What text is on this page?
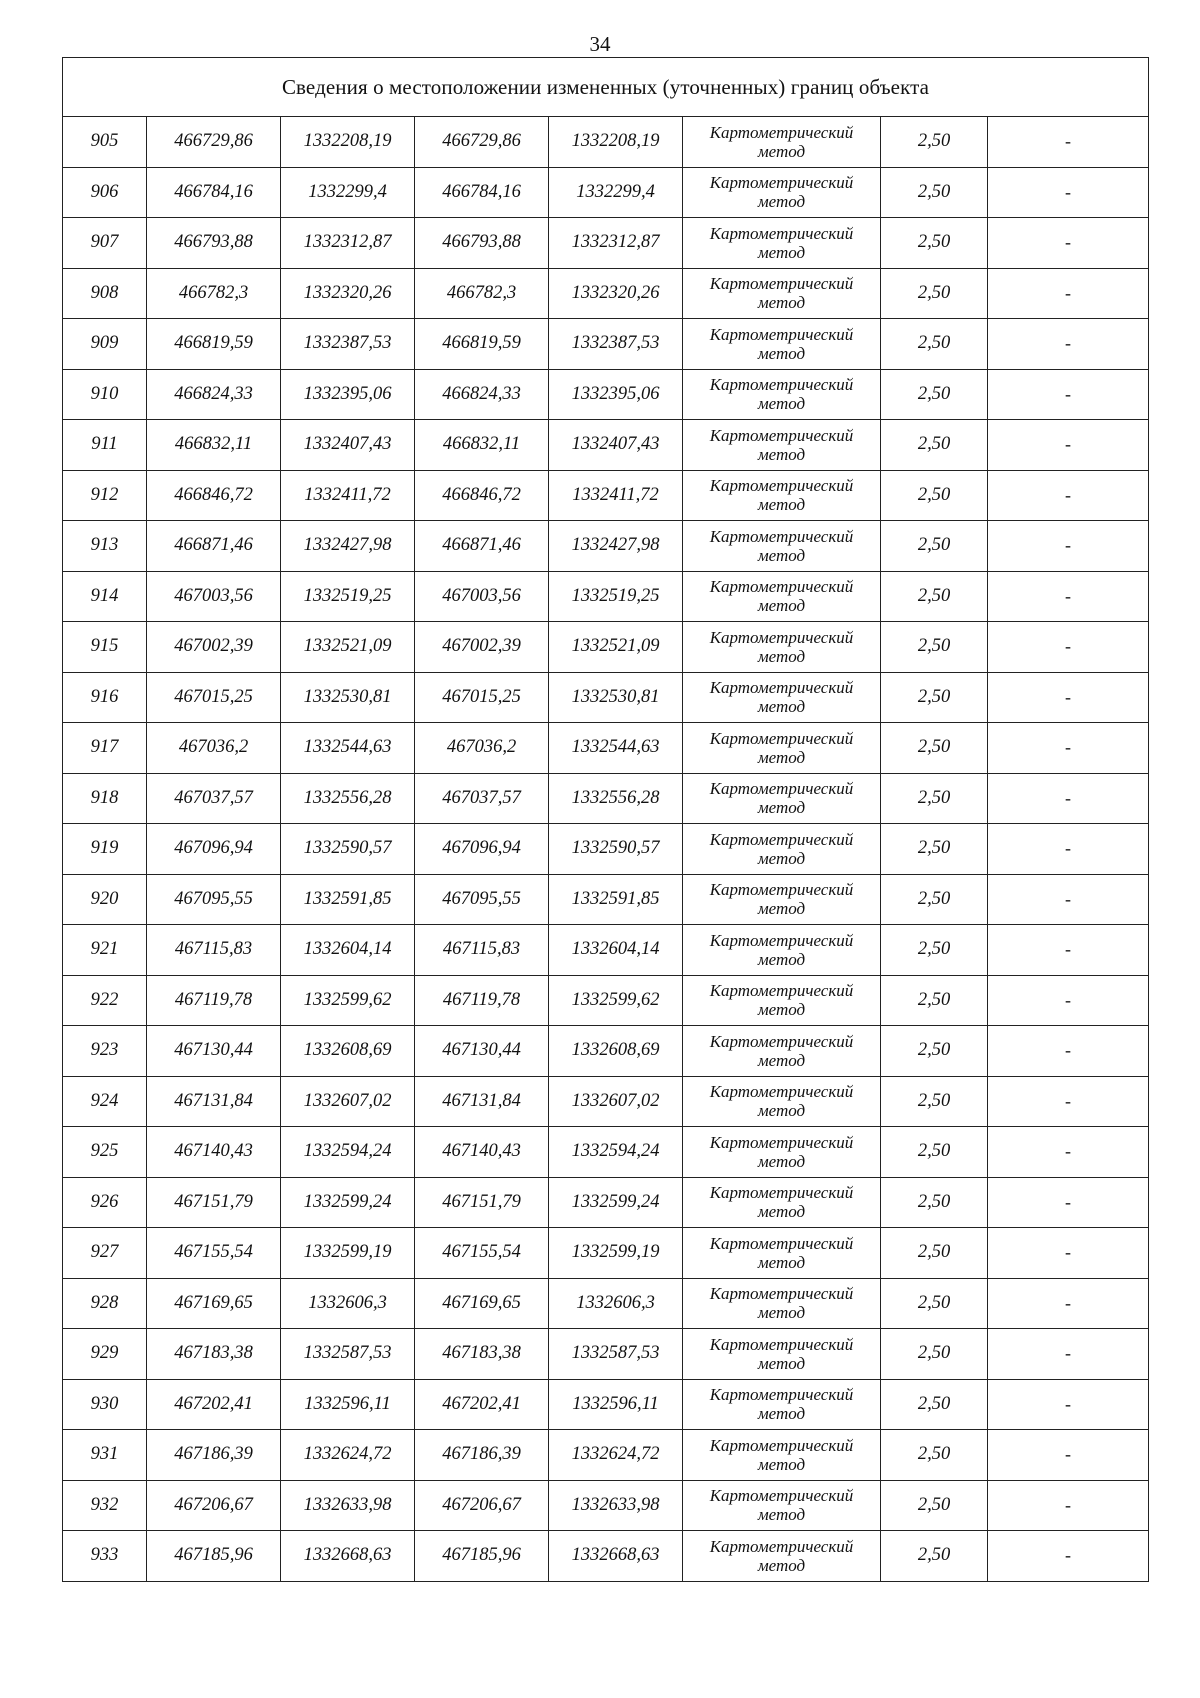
34
Сведения о местоположении измененных (уточненных) границ объекта							
905	466729,86	1332208,19	466729,86	1332208,19	Картометрический
метод	2,50	-
906	466784,16	1332299,4	466784,16	1332299,4	Картометрический
метод	2,50	-
907	466793,88	1332312,87	466793,88	1332312,87	Картометрический
метод	2,50	-
908	466782,3	1332320,26	466782,3	1332320,26	Картометрический
метод	2,50	-
909	466819,59	1332387,53	466819,59	1332387,53	Картометрический
метод	2,50	-
910	466824,33	1332395,06	466824,33	1332395,06	Картометрический
метод	2,50	-
911	466832,11	1332407,43	466832,11	1332407,43	Картометрический
метод	2,50	-
912	466846,72	1332411,72	466846,72	1332411,72	Картометрический
метод	2,50	-
913	466871,46	1332427,98	466871,46	1332427,98	Картометрический
метод	2,50	-
914	467003,56	1332519,25	467003,56	1332519,25	Картометрический
метод	2,50	-
915	467002,39	1332521,09	467002,39	1332521,09	Картометрический
метод	2,50	-
916	467015,25	1332530,81	467015,25	1332530,81	Картометрический
метод	2,50	-
917	467036,2	1332544,63	467036,2	1332544,63	Картометрический
метод	2,50	-
918	467037,57	1332556,28	467037,57	1332556,28	Картометрический
метод	2,50	-
919	467096,94	1332590,57	467096,94	1332590,57	Картометрический
метод	2,50	-
920	467095,55	1332591,85	467095,55	1332591,85	Картометрический
метод	2,50	-
921	467115,83	1332604,14	467115,83	1332604,14	Картометрический
метод	2,50	-
922	467119,78	1332599,62	467119,78	1332599,62	Картометрический
метод	2,50	-
923	467130,44	1332608,69	467130,44	1332608,69	Картометрический
метод	2,50	-
924	467131,84	1332607,02	467131,84	1332607,02	Картометрический
метод	2,50	-
925	467140,43	1332594,24	467140,43	1332594,24	Картометрический
метод	2,50	-
926	467151,79	1332599,24	467151,79	1332599,24	Картометрический
метод	2,50	-
927	467155,54	1332599,19	467155,54	1332599,19	Картометрический
метод	2,50	-
928	467169,65	1332606,3	467169,65	1332606,3	Картометрический
метод	2,50	-
929	467183,38	1332587,53	467183,38	1332587,53	Картометрический
метод	2,50	-
930	467202,41	1332596,11	467202,41	1332596,11	Картометрический
метод	2,50	-
931	467186,39	1332624,72	467186,39	1332624,72	Картометрический
метод	2,50	-
932	467206,67	1332633,98	467206,67	1332633,98	Картометрический
метод	2,50	-
933	467185,96	1332668,63	467185,96	1332668,63	Картометрический
метод	2,50	-
